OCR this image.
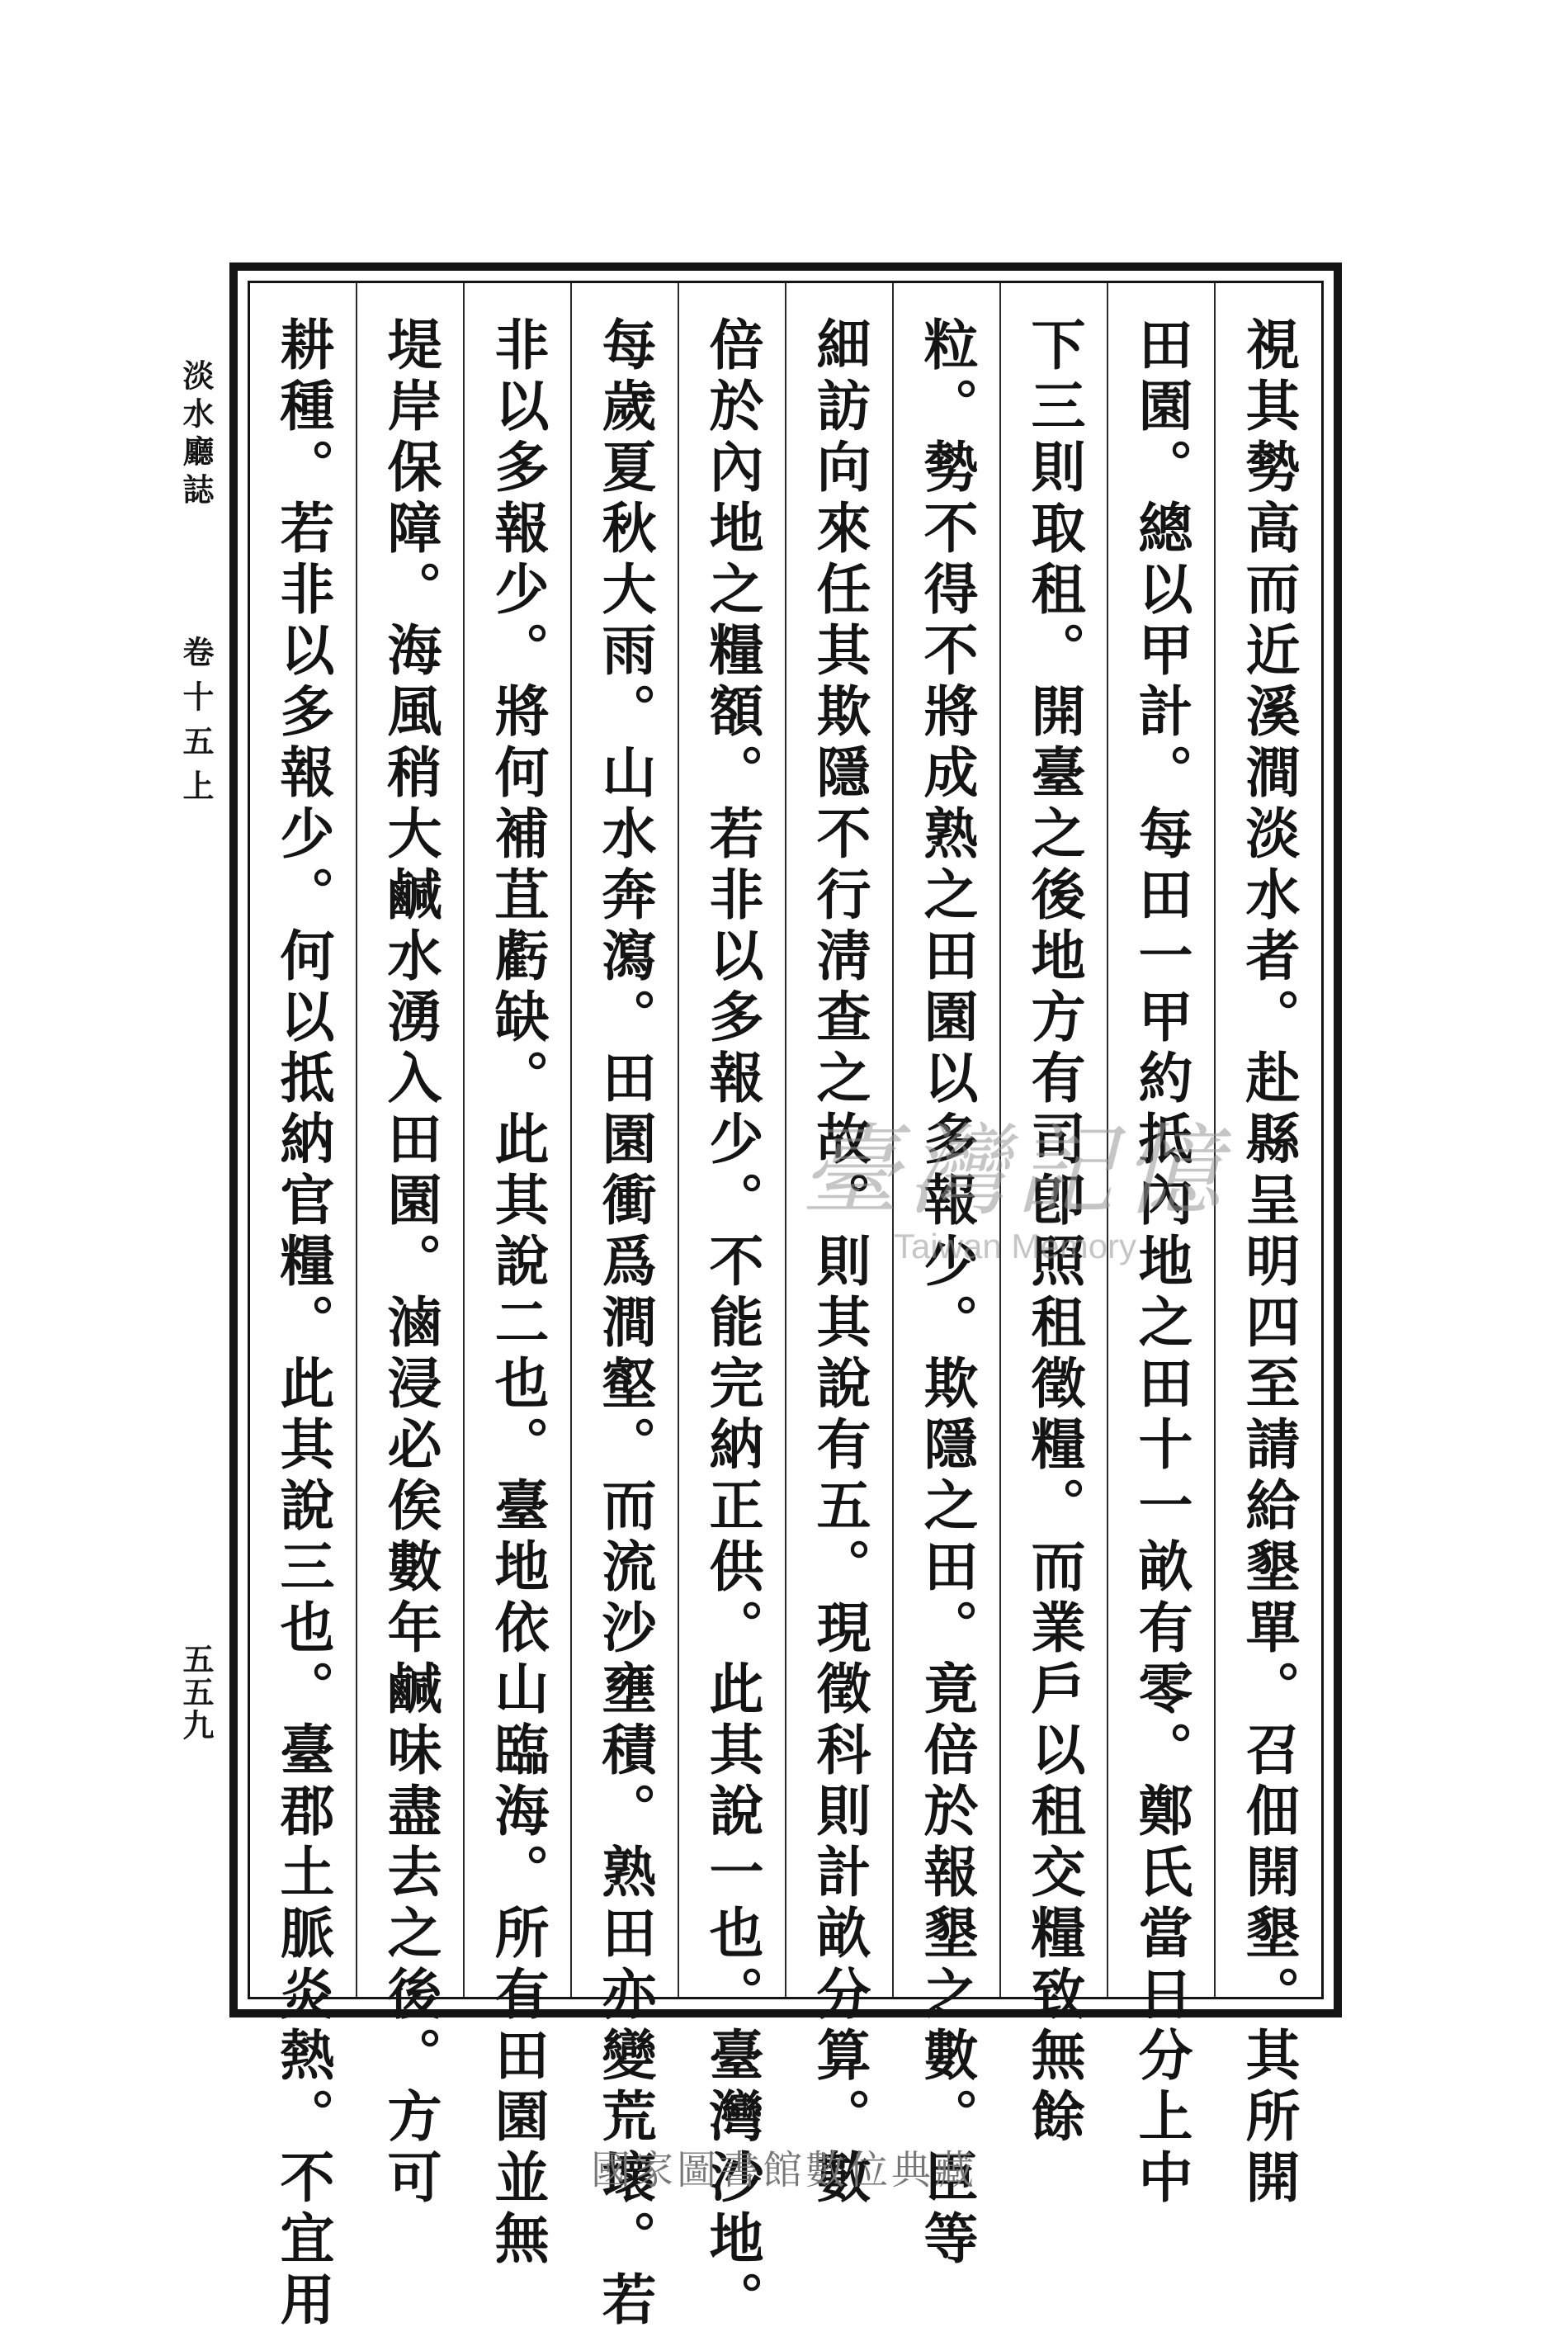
淡水廳誌
卷十五上
五五九	視其勢高而近溪澗淡水者。赴縣呈明四至請給墾單。召佃開墾。其所開
田園。總以甲計。每田一甲約抵內地之田十一畝有零。鄭氏當日分上中
下三則取租。開臺之後地方有司卽照租徵糧。而業戶以租交糧致無餘
粒。勢不得不將成熟之田園以多報少。欺隱之田。竟倍於報墾之數。臣等
細訪向來任其欺隱不行淸查之故。則其說有五。現徵科則計畝分算。數
倍於內地之糧額。若非以多報少。不能完納正供。此其說一也。臺灣沙地。
每歲夏秋大雨。山水奔瀉。田園衝爲澗壑。而流沙壅積。熟田亦變荒壞。若
非以多報少。將何補苴虧缺。此其說二也。臺地依山臨海。所有田園並無
堤岸保障。海風稍大鹹水湧入田園。滷浸必俟數年鹹味盡去之後。方可
耕種。若非以多報少。何以抵納官糧。此其說三也。臺郡土脈炎熱。不宜用	臺灣記憶
Taiwan Memory
國家圖書館數位典藏
